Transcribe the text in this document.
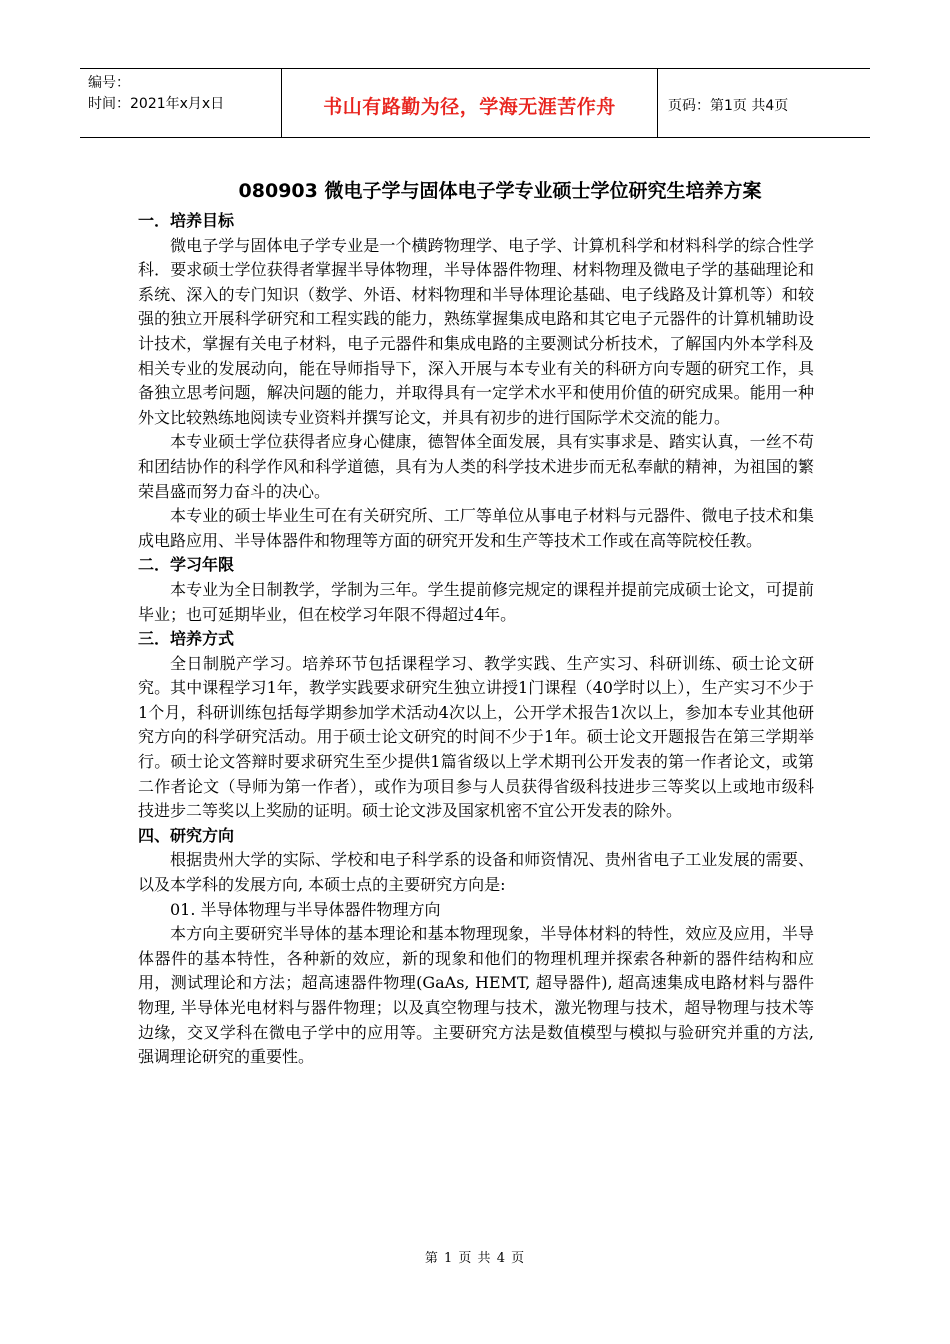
编号：
时间：2021年x月x日	书山有路勤为径，学海无涯苦作舟	页码：第1页 共4页
080903 微电子学与固体电子学专业硕士学位研究生培养方案

一．培养目标

微电子学与固体电子学专业是一个横跨物理学、电子学、计算机科学和材料科学的综合性学科．要求硕士学位获得者掌握半导体物理，半导体器件物理、材料物理及微电子学的基础理论和系统、深入的专门知识（数学、外语、材料物理和半导体理论基础、电子线路及计算机等）和较强的独立开展科学研究和工程实践的能力，熟练掌握集成电路和其它电子元器件的计算机辅助设计技术，掌握有关电子材料，电子元器件和集成电路的主要测试分析技术，了解国内外本学科及相关专业的发展动向，能在导师指导下，深入开展与本专业有关的科研方向专题的研究工作，具备独立思考问题，解决问题的能力，并取得具有一定学术水平和使用价值的研究成果。能用一种外文比较熟练地阅读专业资料并撰写论文，并具有初步的进行国际学术交流的能力。

本专业硕士学位获得者应身心健康，德智体全面发展，具有实事求是、踏实认真，一丝不苟和团结协作的科学作风和科学道德，具有为人类的科学技术进步而无私奉献的精神，为祖国的繁荣昌盛而努力奋斗的决心。

本专业的硕士毕业生可在有关研究所、工厂等单位从事电子材料与元器件、微电子技术和集成电路应用、半导体器件和物理等方面的研究开发和生产等技术工作或在高等院校任教。

二．学习年限

本专业为全日制教学，学制为三年。学生提前修完规定的课程并提前完成硕士论文，可提前毕业；也可延期毕业，但在校学习年限不得超过4年。

三．培养方式

全日制脱产学习。培养环节包括课程学习、教学实践、生产实习、科研训练、硕士论文研究。其中课程学习1年，教学实践要求研究生独立讲授1门课程（40学时以上），生产实习不少于1个月，科研训练包括每学期参加学术活动4次以上，公开学术报告1次以上，参加本专业其他研究方向的科学研究活动。用于硕士论文研究的时间不少于1年。硕士论文开题报告在第三学期举行。硕士论文答辩时要求研究生至少提供1篇省级以上学术期刊公开发表的第一作者论文，或第二作者论文（导师为第一作者），或作为项目参与人员获得省级科技进步三等奖以上或地市级科技进步二等奖以上奖励的证明。硕士论文涉及国家机密不宜公开发表的除外。

四、研究方向

根据贵州大学的实际、学校和电子科学系的设备和师资情况、贵州省电子工业发展的需要、以及本学科的发展方向, 本硕士点的主要研究方向是:

01. 半导体物理与半导体器件物理方向

本方向主要研究半导体的基本理论和基本物理现象，半导体材料的特性，效应及应用，半导体器件的基本特性，各种新的效应，新的现象和他们的物理机理并探索各种新的器件结构和应用，测试理论和方法；超高速器件物理(GaAs, HEMT, 超导器件), 超高速集成电路材料与器件物理, 半导体光电材料与器件物理；以及真空物理与技术，激光物理与技术，超导物理与技术等边缘，交叉学科在微电子学中的应用等。主要研究方法是数值模型与模拟与验研究并重的方法, 强调理论研究的重要性。

第 1 页 共 4 页
